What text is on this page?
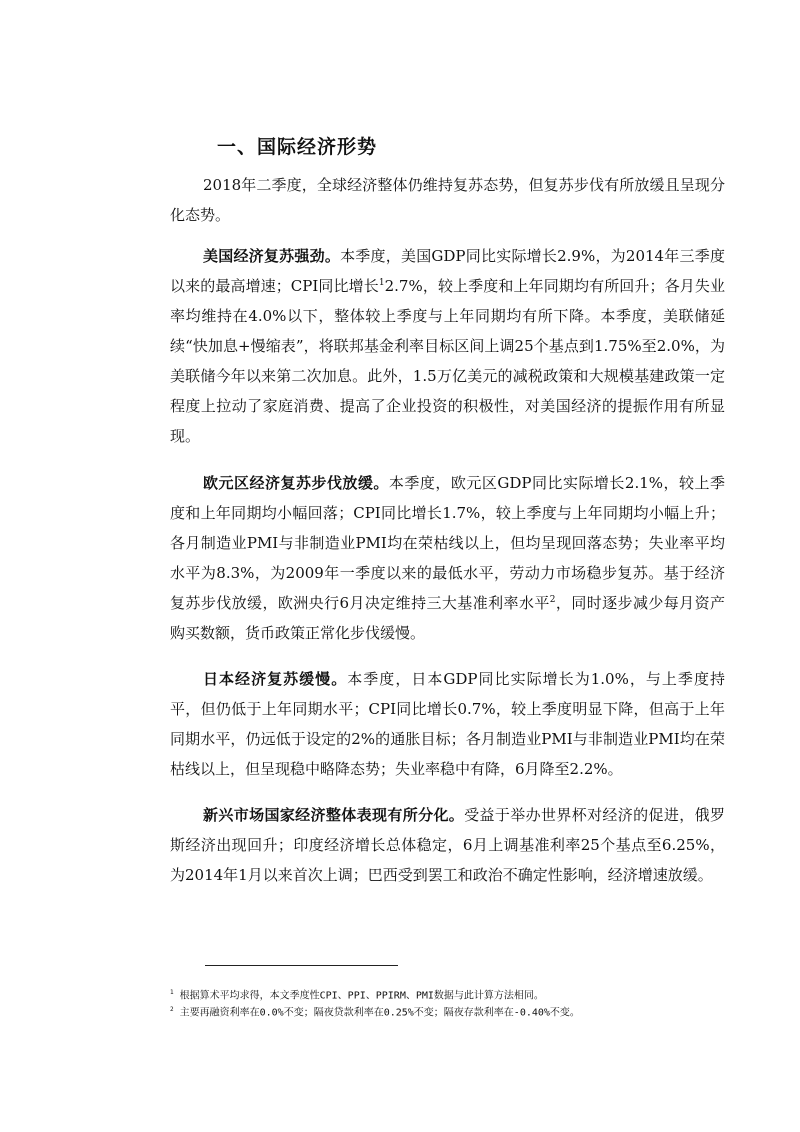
一、国际经济形势

2018年二季度，全球经济整体仍维持复苏态势，但复苏步伐有所放缓且呈现分化态势。

美国经济复苏强劲。本季度，美国GDP同比实际增长2.9%，为2014年三季度以来的最高增速；CPI同比增长$^1$2.7%，较上季度和上年同期均有所回升；各月失业率均维持在4.0%以下，整体较上季度与上年同期均有所下降。本季度，美联储延续“快加息+慢缩表”，将联邦基金利率目标区间上调25个基点到1.75%至2.0%，为美联储今年以来第二次加息。此外，1.5万亿美元的减税政策和大规模基建政策一定程度上拉动了家庭消费、提高了企业投资的积极性，对美国经济的提振作用有所显现。

欧元区经济复苏步伐放缓。本季度，欧元区GDP同比实际增长2.1%，较上季度和上年同期均小幅回落；CPI同比增长1.7%，较上季度与上年同期均小幅上升；各月制造业PMI与非制造业PMI均在荣枯线以上，但均呈现回落态势；失业率平均水平为8.3%，为2009年一季度以来的最低水平，劳动力市场稳步复苏。基于经济复苏步伐放缓，欧洲央行6月决定维持三大基准利率水平$^2$，同时逐步减少每月资产购买数额，货币政策正常化步伐缓慢。

日本经济复苏缓慢。本季度，日本GDP同比实际增长为1.0%，与上季度持平，但仍低于上年同期水平；CPI同比增长0.7%，较上季度明显下降，但高于上年同期水平，仍远低于设定的2%的通胀目标；各月制造业PMI与非制造业PMI均在荣枯线以上，但呈现稳中略降态势；失业率稳中有降，6月降至2.2%。

新兴市场国家经济整体表现有所分化。受益于举办世界杯对经济的促进，俄罗斯经济出现回升；印度经济增长总体稳定，6月上调基准利率25个基点至6.25%，为2014年1月以来首次上调；巴西受到罢工和政治不确定性影响，经济增速放缓。

$^1$ 根据算术平均求得，本文季度性CPI、PPI、PPIRM、PMI数据与此计算方法相同。
$^2$ 主要再融资利率在0.0%不变；隔夜贷款利率在0.25%不变；隔夜存款利率在-0.40%不变。
